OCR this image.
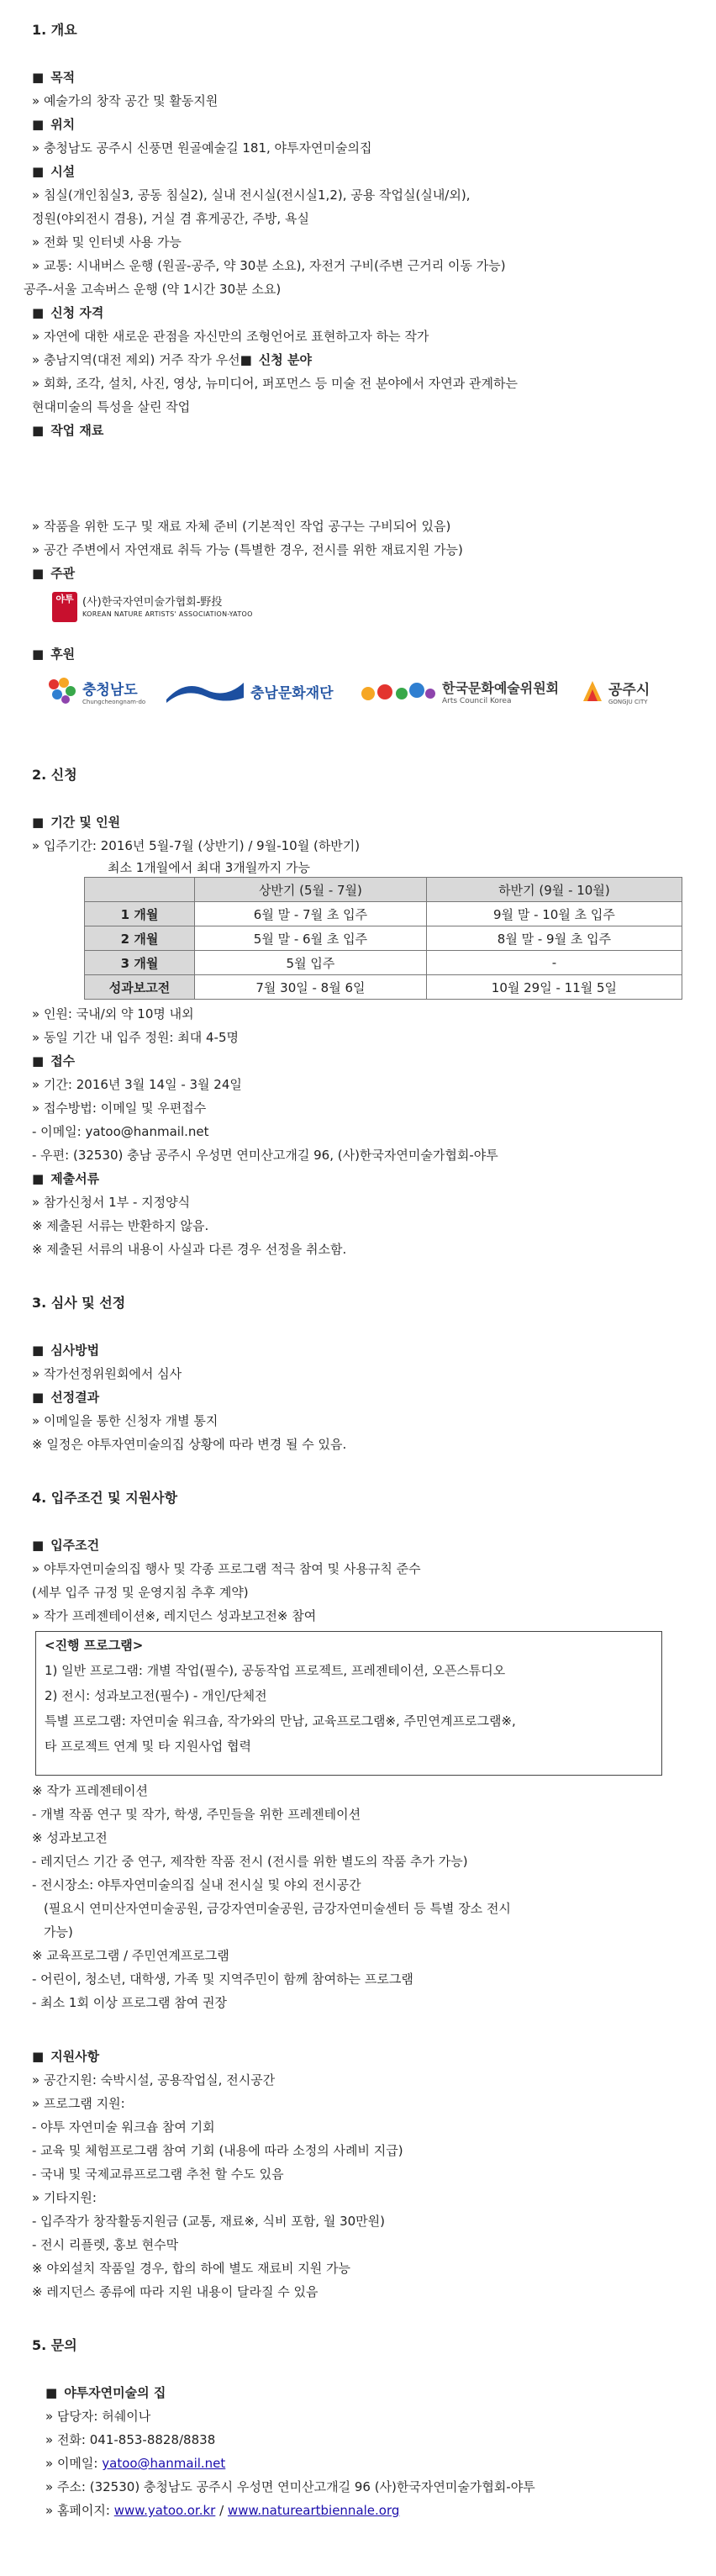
1. 개요
■ 목적
» 예술가의 창작 공간 및 활동지원
■ 위치
» 충청남도 공주시 신풍면 원골예술길 181, 야투자연미술의집
■ 시설
» 침실(개인침실3, 공동 침실2), 실내 전시실(전시실1,2), 공용 작업실(실내/외),
정원(야외전시 겸용), 거실 겸 휴게공간, 주방, 욕실
» 전화 및 인터넷 사용 가능
» 교통: 시내버스 운행 (원골-공주, 약 30분 소요), 자전거 구비(주변 근거리 이동 가능)
공주-서울 고속버스 운행 (약 1시간 30분 소요)
■ 신청 자격
» 자연에 대한 새로운 관점을 자신만의 조형언어로 표현하고자 하는 작가
» 충남지역(대전 제외) 거주 작가 우선 ■ 신청 분야
» 회화, 조각, 설치, 사진, 영상, 뉴미디어, 퍼포먼스 등 미술 전 분야에서 자연과 관계하는
현대미술의 특성을 살린 작업
■ 작업 재료
» 작품을 위한 도구 및 재료 자체 준비 (기본적인 작업 공구는 구비되어 있음)
» 공간 주변에서 자연재료 취득 가능 (특별한 경우, 전시를 위한 재료지원 가능)
■ 주관
야투 (사)한국자연미술가협회-野投
KOREAN NATURE ARTISTS' ASSOCIATION-YATOO
■ 후원
충청남도
Chungcheongnam-do	충남문화재단	한국문화예술위원회
Arts Council Korea
공주시
GONGJU CITY
2. 신청
■ 기간 및 인원
» 입주기간: 2016년 5월-7월 (상반기) / 9월-10월 (하반기)
최소 1개월에서 최대 3개월까지 가능
	상반기 (5월 - 7월)	하반기 (9월 - 10월)
1 개월	6월 말 - 7월 초 입주	9월 말 - 10월 초 입주
2 개월	5월 말 - 6월 초 입주	8월 말 - 9월 초 입주
3 개월	5월 입주	-
성과보고전	7월 30일 - 8월 6일	10월 29일 - 11월 5일
» 인원: 국내/외 약 10명 내외
» 동일 기간 내 입주 정원: 최대 4-5명
■ 접수
» 기간: 2016년 3월 14일 - 3월 24일
» 접수방법: 이메일 및 우편접수
- 이메일: yatoo@hanmail.net
- 우편: (32530) 충남 공주시 우성면 연미산고개길 96, (사)한국자연미술가협회-야투
■ 제출서류
» 참가신청서 1부 - 지정양식
※ 제출된 서류는 반환하지 않음.
※ 제출된 서류의 내용이 사실과 다른 경우 선정을 취소함.
3. 심사 및 선정
■ 심사방법
» 작가선정위원회에서 심사
■ 선정결과
» 이메일을 통한 신청자 개별 통지
※ 일정은 야투자연미술의집 상황에 따라 변경 될 수 있음.
4. 입주조건 및 지원사항
■ 입주조건
» 야투자연미술의집 행사 및 각종 프로그램 적극 참여 및 사용규칙 준수
(세부 입주 규정 및 운영지침 추후 계약)
» 작가 프레젠테이션※, 레지던스 성과보고전※ 참여
<진행 프로그램>
1) 일반 프로그램: 개별 작업(필수), 공동작업 프로젝트, 프레젠테이션, 오픈스튜디오
2) 전시: 성과보고전(필수) - 개인/단체전
특별 프로그램: 자연미술 워크숍, 작가와의 만남, 교육프로그램※, 주민연계프로그램※,
타 프로젝트 연계 및 타 지원사업 협력
※ 작가 프레젠테이션
- 개별 작품 연구 및 작가, 학생, 주민들을 위한 프레젠테이션
※ 성과보고전
- 레지던스 기간 중 연구, 제작한 작품 전시 (전시를 위한 별도의 작품 추가 가능)
- 전시장소: 야투자연미술의집 실내 전시실 및 야외 전시공간
(필요시 연미산자연미술공원, 금강자연미술공원, 금강자연미술센터 등 특별 장소 전시
가능)
※ 교육프로그램 / 주민연계프로그램
- 어린이, 청소년, 대학생, 가족 및 지역주민이 함께 참여하는 프로그램
- 최소 1회 이상 프로그램 참여 권장
■ 지원사항
» 공간지원: 숙박시설, 공용작업실, 전시공간
» 프로그램 지원:
- 야투 자연미술 워크숍 참여 기회
- 교육 및 체험프로그램 참여 기회 (내용에 따라 소정의 사례비 지급)
- 국내 및 국제교류프로그램 추천 할 수도 있음
» 기타지원:
- 입주작가 창작활동지원금 (교통, 재료※, 식비 포함, 월 30만원)
- 전시 리플렛, 홍보 현수막
※ 야외설치 작품일 경우, 합의 하에 별도 재료비 지원 가능
※ 레지던스 종류에 따라 지원 내용이 달라질 수 있음
5. 문의
■ 야투자연미술의 집
» 담당자: 허쉐이나
» 전화: 041-853-8828/8838
» 이메일: yatoo@hanmail.net
» 주소: (32530) 충청남도 공주시 우성면 연미산고개길 96 (사)한국자연미술가협회-야투
» 홈페이지: www.yatoo.or.kr / www.natureartbiennale.org
